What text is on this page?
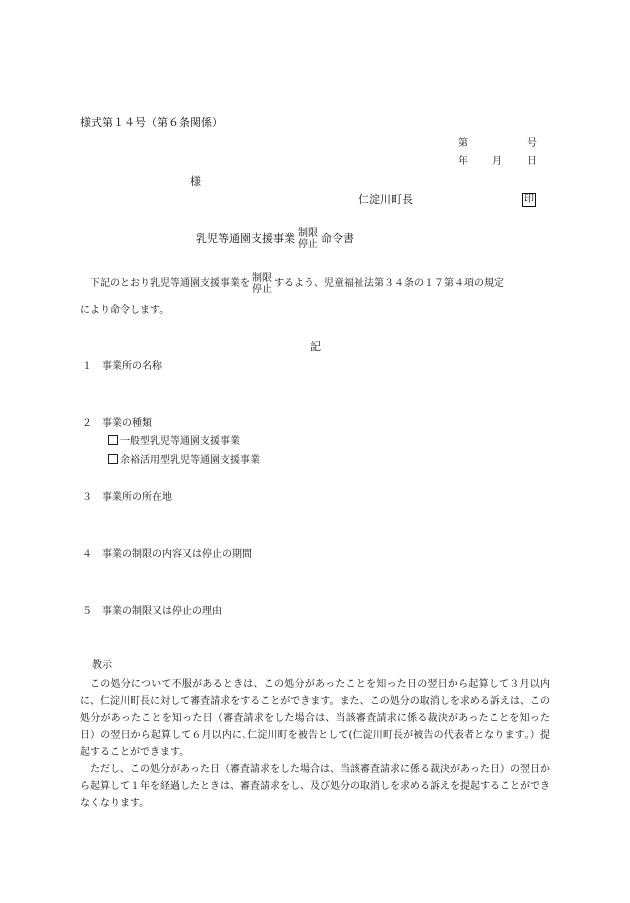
様式第１４号（第６条関係）
第	号
年 月	日
様
仁淀川町長	印
乳児等通園支援事業 制限
停止 命令書
下記のとおり乳児等通園支援事業を 制限
停止
するよう、児童福祉法第３４条の１７第４項の規定
により命令します。
記
１ 事業所の名称
２ 事業の種類
一般型乳児等通園支援事業
余裕活用型乳児等通園支援事業
３ 事業所の所在地
４ 事業の制限の内容又は停止の期間
５ 事業の制限又は停止の理由
教示

この処分について不服があるときは、この処分があったことを知った日の翌日から起算して３月以内に、仁淀川町長に対して審査請求をすることができます。また、この処分の取消しを求める訴えは、この処分があったことを知った日（審査請求をした場合は、当該審査請求に係る裁決があったことを知った日）の翌日から起算して６月以内に､仁淀川町を被告として(仁淀川町長が被告の代表者となります｡）提起することができます。

ただし、この処分があった日（審査請求をした場合は、当該審査請求に係る裁決があった日）の翌日から起算して１年を経過したときは、審査請求をし、及び処分の取消しを求める訴えを提起することができなくなります。
